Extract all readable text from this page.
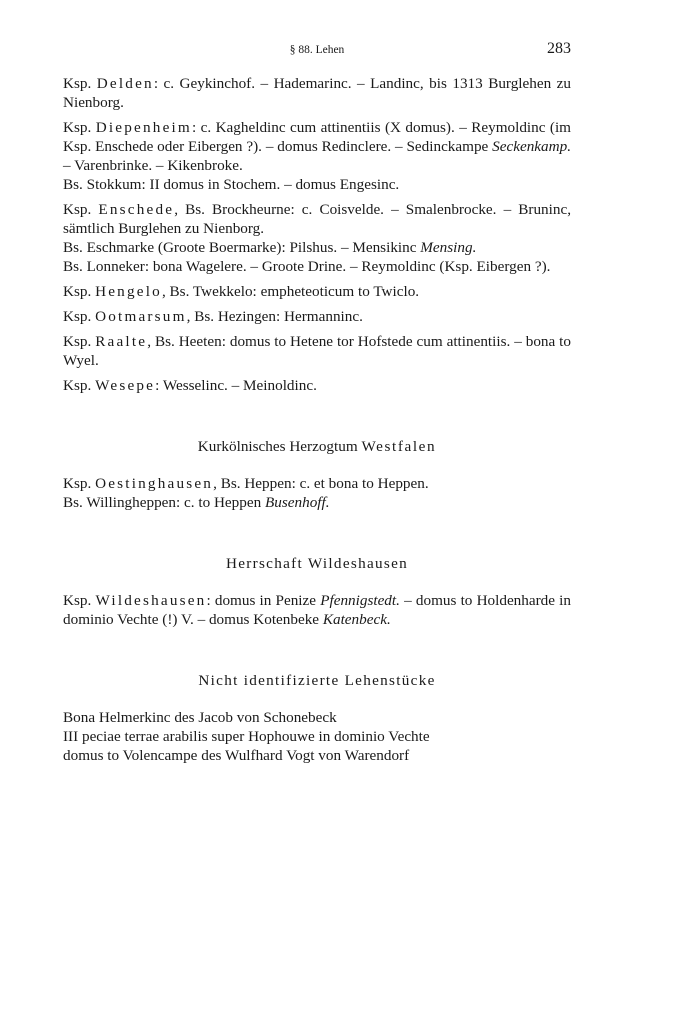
§ 88. Lehen	283

Ksp. Delden: c. Geykinchof. – Hademarinc. – Landinc, bis 1313 Burglehen zu Nienborg.

Ksp. Diepenheim: c. Kagheldinc cum attinentiis (X domus). – Reymoldinc (im Ksp. Enschede oder Eibergen ?). – domus Redinclere. – Sedinckampe Seckenkamp. – Varenbrinke. – Kikenbroke.

Bs. Stokkum: II domus in Stochem. – domus Engesinc.

Ksp. Enschede, Bs. Brockheurne: c. Coisvelde. – Smalenbrocke. – Bruninc, sämtlich Burglehen zu Nienborg.

Bs. Eschmarke (Groote Boermarke): Pilshus. – Mensikinc Mensing.

Bs. Lonneker: bona Wagelere. – Groote Drine. – Reymoldinc (Ksp. Eibergen ?).

Ksp. Hengelo, Bs. Twekkelo: empheteoticum to Twiclo.

Ksp. Ootmarsum, Bs. Hezingen: Hermanninc.

Ksp. Raalte, Bs. Heeten: domus to Hetene tor Hofstede cum attinentiis. – bona to Wyel.

Ksp. Wesepe: Wesselinc. – Meinoldinc.

Kurkölnisches Herzogtum Westfalen

Ksp. Oestinghausen, Bs. Heppen: c. et bona to Heppen.

Bs. Willingheppen: c. to Heppen Busenhoff.

Herrschaft Wildeshausen

Ksp. Wildeshausen: domus in Penize Pfennigstedt. – domus to Holdenharde in dominio Vechte (!) V. – domus Kotenbeke Katenbeck.

Nicht identifizierte Lehenstücke

Bona Helmerkinc des Jacob von Schonebeck

III peciae terrae arabilis super Hophouwe in dominio Vechte

domus to Volencampe des Wulfhard Vogt von Warendorf
